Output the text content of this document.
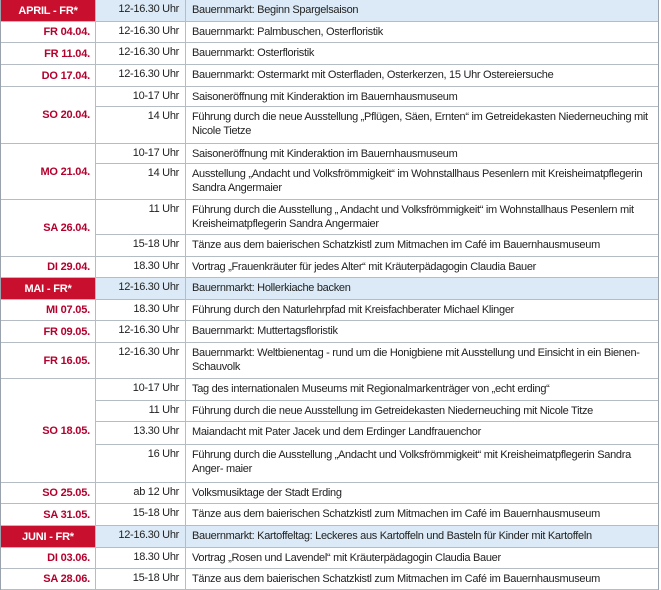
APRIL - FR*	12-16.30 Uhr	Bauernmarkt: Beginn Spargelsaison
FR 04.04.	12-16.30 Uhr	Bauernmarkt: Palmbuschen, Osterfloristik
FR 11.04.	12-16.30 Uhr	Bauernmarkt: Osterfloristik
DO 17.04.	12-16.30 Uhr	Bauernmarkt: Ostermarkt mit Osterfladen, Osterkerzen, 15 Uhr Ostereiersuche
SO 20.04.
10-17 Uhr	Saisoneröffnung mit Kinderaktion im Bauernhausmuseum
14 Uhr	Führung durch die neue Ausstellung „Pflügen, Säen, Ernten“ im Getreidekasten Niederneuching mit Nicole Tietze
MO 21.04.
10-17 Uhr	Saisoneröffnung mit Kinderaktion im Bauernhausmuseum
14 Uhr	Ausstellung „Andacht und Volksfrömmigkeit“ im Wohnstallhaus Pesenlern mit Kreisheimatpflegerin Sandra Angermaier
SA 26.04.
11 Uhr	Führung durch die Ausstellung „ Andacht und Volksfrömmigkeit“ im Wohnstallhaus Pesenlern mit Kreisheimatpflegerin Sandra Angermaier
15-18 Uhr	Tänze aus dem baierischen Schatzkistl zum Mitmachen im Café im Bauernhausmuseum
DI 29.04.	18.30 Uhr	Vortrag „Frauenkräuter für jedes Alter“ mit Kräuterpädagogin Claudia Bauer
MAI - FR*	12-16.30 Uhr	Bauernmarkt: Hollerkiache backen
MI 07.05.	18.30 Uhr	Führung durch den Naturlehrpfad mit Kreisfachberater Michael Klinger
FR 09.05.	12-16.30 Uhr	Bauernmarkt: Muttertagsfloristik
FR 16.05.
12-16.30 Uhr	Bauernmarkt: Weltbienentag - rund um die Honigbiene mit Ausstellung und Einsicht in ein Bienen-Schauvolk
SO 18.05.
10-17 Uhr	Tag des internationalen Museums mit Regionalmarkenträger von „echt erding“
11 Uhr	Führung durch die neue Ausstellung im Getreidekasten Niederneuching mit Nicole Titze
13.30 Uhr	Maiandacht mit Pater Jacek und dem Erdinger Landfrauenchor
16 Uhr	Führung durch die Ausstellung „Andacht und Volksfrömmigkeit“ mit Kreisheimatpflegerin Sandra Anger- maier
SO 25.05.	ab 12 Uhr	Volksmusiktage der Stadt Erding
SA 31.05.	15-18 Uhr	Tänze aus dem baierischen Schatzkistl zum Mitmachen im Café im Bauernhausmuseum
JUNI - FR*	12-16.30 Uhr	Bauernmarkt: Kartoffeltag: Leckeres aus Kartoffeln und Basteln für Kinder mit Kartoffeln
DI 03.06.	18.30 Uhr	Vortrag „Rosen und Lavendel“ mit Kräuterpädagogin Claudia Bauer
SA 28.06.	15-18 Uhr	Tänze aus dem baierischen Schatzkistl zum Mitmachen im Café im Bauernhausmuseum
